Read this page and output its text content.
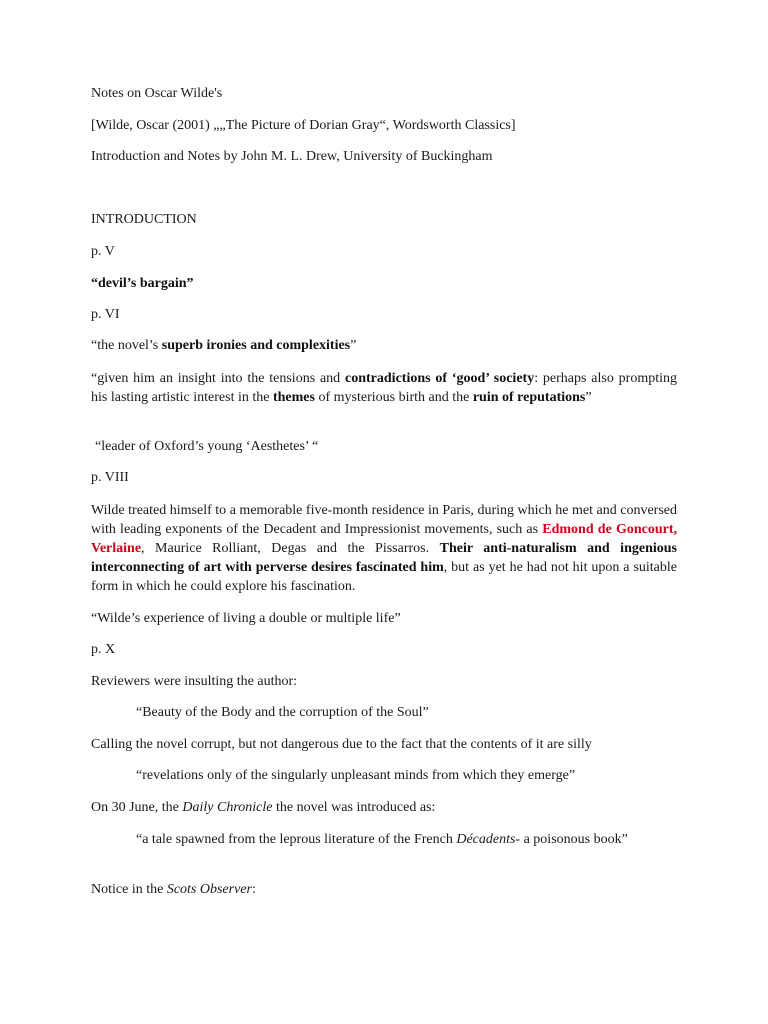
Notes on Oscar Wilde's
[Wilde, Oscar (2001) „„The Picture of Dorian Gray“, Wordsworth Classics]
Introduction and Notes by John M. L. Drew, University of Buckingham
INTRODUCTION
p. V
“devil’s bargain”
p. VI
“the novel’s superb ironies and complexities”
“given him an insight into the tensions and contradictions of ‘good’ society: perhaps also prompting his lasting artistic interest in the themes of mysterious birth and the ruin of reputations”
“leader of Oxford’s young ‘Aesthetes’ “
p. VIII
Wilde treated himself to a memorable five-month residence in Paris, during which he met and conversed with leading exponents of the Decadent and Impressionist movements, such as Edmond de Goncourt, Verlaine, Maurice Rolliant, Degas and the Pissarros. Their anti-naturalism and ingenious interconnecting of art with perverse desires fascinated him, but as yet he had not hit upon a suitable form in which he could explore his fascination.
“Wilde’s experience of living a double or multiple life”
p. X
Reviewers were insulting the author:
“Beauty of the Body and the corruption of the Soul”
Calling the novel corrupt, but not dangerous due to the fact that the contents of it are silly
“revelations only of the singularly unpleasant minds from which they emerge”
On 30 June, the Daily Chronicle the novel was introduced as:
“a tale spawned from the leprous literature of the French Décadents- a poisonous book”
Notice in the Scots Observer:
